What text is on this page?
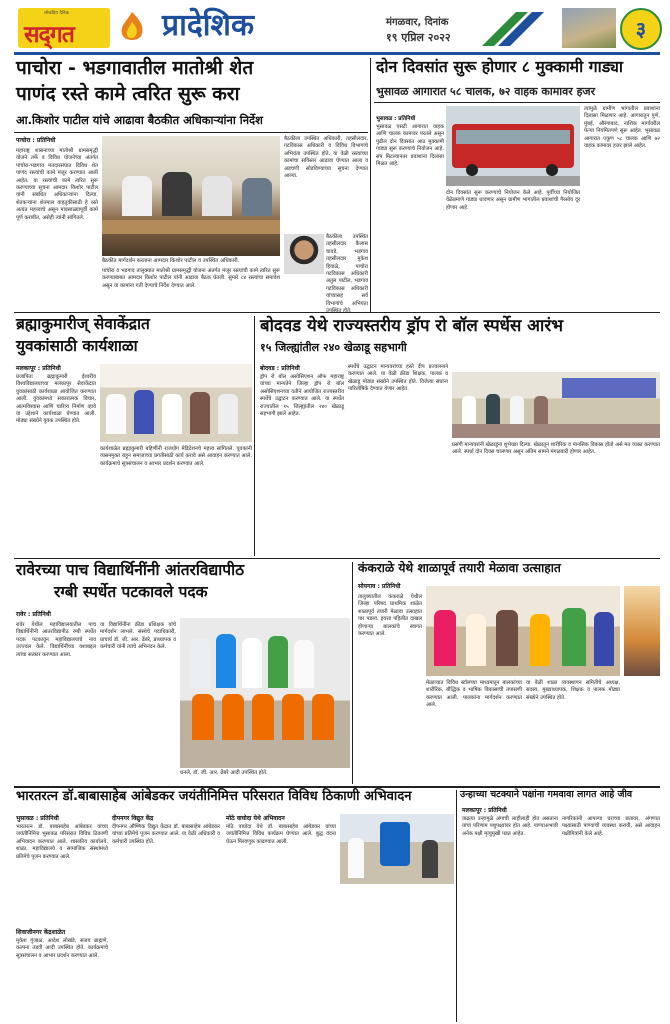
लोकप्रिय दैनिक
सद्‌गत	प्रादेशिक	मंगळवार, दिनांक
१९ एप्रिल २०२२	३
पाचोरा - भडगावातील मातोश्री शेत
पाणंद रस्ते कामे त्वरित सुरू करा
आ.किशोर पाटील यांचे आढावा बैठकीत अधिकाऱ्यांना निर्देश
पाचोरा : प्रतिनिधी
महाराष्ट्र शासनाच्या मातोश्री ग्रामसमृद्धी योजने तर्फे व विविध योजनेच्या अंतर्गत पाचोरा-भडगाव मतदारसंघात विविध शेत पाणंद रस्त्यांची कामे मंजूर करण्यात आली आहेत. या रस्त्यांची कामे त्वरित सुरू करण्याच्या सूचना आमदार किशोर पाटील यांनी संबंधित अधिकाऱ्यांना दिल्या. शेतकऱ्यांना शेतमाल वाहतुकीसाठी हे रस्ते अत्यंत महत्त्वाचे असून पावसाळ्यापूर्वी कामे पूर्ण करावीत, असेही त्यांनी सांगितले.
बैठकीत मार्गदर्शन करताना आमदार किशोर पाटील व उपस्थित अधिकारी.
पाचोरा व भडगाव तालुक्यात मातोश्री ग्रामसमृद्धी योजना अंतर्गत मंजूर रस्त्यांची कामे त्वरित सुरू करण्याबाबत आमदार किशोर पाटील यांनी आढावा बैठक घेतली. सुमारे ८४ रस्त्यांचा समावेश असून या कामांना गती देण्याचे निर्देश देण्यात आले.
बैठकीला उपस्थित अधिकारी, तहसीलदार, गटविकास अधिकारी व विविध विभागांचे अभियंता उपस्थित होते. या वेळी रस्त्यांच्या कामांचा सविस्तर आढावा घेण्यात आला व अडचणी सोडविण्याच्या सूचना देण्यात आल्या.
बैठकीला उपस्थित तहसीलदार कैलास चावडे, भडगाव तहसीलदार मुकेश हिवाळे, पाचोरा गटविकास अधिकारी अतुल पाटील, भडगाव गटविकास अधिकारी यांच्यासह सर्व विभागांचे अभियंता
दोन दिवसांत सुरू होणार ८ मुक्कामी गाड्या
भुसावळ आगारात ५८ चालक, ७२ वाहक कामावर हजर
भुसावळ : प्रतिनिधी
भुसावळ एसटी आगारात वाहक आणि चालक कामावर परतले असून पुढील दोन दिवसांत आठ मुक्कामी गाड्या सुरू करण्याचे नियोजन आहे. संप मिटल्यानंतर प्रवाशांना दिलासा मिळत आहे.
दोन दिवसांत सुरू करण्याचे नियोजन केले आहे. पूर्वीच्या नियोजित वेळेप्रमाणे गाड्या धावणार असून ग्रामीण भागातील प्रवाशांची गैरसोय दूर होणार आहे.
त्यामुळे ग्रामीण भागातील प्रवाशांना दिलासा मिळणार आहे. आगारातून पुणे, मुंबई, औरंगाबाद, नाशिक मार्गावरील फेऱ्या नियमितपणे सुरू आहेत. भुसावळ आगारात एकूण ५८ चालक आणि ७२ वाहक कामावर हजर झाले आहेत.
ब्रह्माकुमारीज् सेवाकेंद्रात
युवकांसाठी कार्यशाळा
मलकापूर : प्रतिनिधी
प्रजापिता ब्रह्माकुमारी ईश्वरीय विश्वविद्यालयाच्या मलकापूर सेवाकेंद्रात युवकांसाठी कार्यशाळा आयोजित करण्यात आली. युवकांमध्ये सकारात्मक विचार, आत्मविश्वास आणि चारित्र्य निर्माण व्हावे या उद्देशाने कार्यशाळा घेण्यात आली. मोठ्या संख्येने युवक उपस्थित होते.
कार्यशाळेत ब्रह्माकुमारी बहिणींनी राजयोग मेडिटेशनचे महत्त्व सांगितले. युवकांनी व्यसनमुक्त राहून समाजाच्या प्रगतीसाठी कार्य करावे असे आवाहन करण्यात आले. कार्यक्रमाचे सूत्रसंचालन व आभार प्रदर्शन करण्यात आले.
बोदवड येथे राज्यस्तरीय ड्रॉप रो बॉल स्पर्धेस आरंभ
१५ जिल्ह्यांतील २४० खेळाडू सहभागी
बोदवड : प्रतिनिधी
ड्रॉप रो बॉल असोसिएशन ऑफ महाराष्ट्र यांच्या मान्यतेने जिल्हा ड्रॉप रो बॉल असोसिएशनच्या वतीने आयोजित राज्यस्तरीय स्पर्धेचे उद्घाटन करण्यात आले. या स्पर्धेत राज्यातील १५ जिल्ह्यांतील २४० खेळाडू सहभागी झाले आहेत.
स्पर्धेचे उद्घाटन मान्यवरांच्या हस्ते दीप प्रज्वलनाने करण्यात आले. या वेळी क्रीडा शिक्षक, पालक व खेळाडू मोठ्या संख्येने उपस्थित होते. विजेत्या संघांना पारितोषिके देण्यात येणार आहेत.
प्रसंगी मान्यवरांनी खेळाडूंना शुभेच्छा दिल्या. खेळातून शारीरिक व मानसिक विकास होतो असे मत व्यक्त करण्यात आले. स्पर्धा दोन दिवस चालणार असून अंतिम सामने मंगळवारी होणार आहेत.
रावेरच्या पाच विद्यार्थिनींनी आंतरविद्यापीठ
रग्बी स्पर्धेत पटकावले पदक
रावेर : प्रतिनिधी
रावेर येथील महाविद्यालयातील पाच विद्यार्थिनींनी आंतरविद्यापीठ रग्बी स्पर्धेत पदक पटकावून महाविद्यालयाचे नाव उज्ज्वल केले. विद्यार्थिनींच्या यशाबद्दल त्यांचा सत्कार करण्यात आला.
या विद्यार्थिनींना क्रीडा प्रशिक्षक यांचे मार्गदर्शन लाभले. संस्थेचे पदाधिकारी, प्राचार्य डॉ. जी. आर. ढेंबरे, प्राध्यापक व कर्मचारी यांनी त्यांचे अभिनंदन केले.
धनले, डॉ. जी. आर. ढेंबरे आदी उपस्थित होते.
कंकराळे येथे शाळापूर्व तयारी मेळावा उत्साहात
सोयगाव : प्रतिनिधी
तालुक्यातील कंकराळे येथील जिल्हा परिषद प्राथमिक शाळेत शाळापूर्व तयारी मेळावा उत्साहात पार पडला. इयत्ता पहिलीत दाखल होणाऱ्या बालकांचे स्वागत करण्यात आले.
मेळाव्यात विविध स्टॉलच्या माध्यमातून बालकांच्या शारीरिक, बौद्धिक व भाषिक विकासाची तपासणी करण्यात आली. पालकांना मार्गदर्शन करण्यात आले.
या वेळी शाळा व्यवस्थापन समितीचे अध्यक्ष, सदस्य, मुख्याध्यापक, शिक्षक व पालक मोठ्या संख्येने उपस्थित होते.
भारतरत्न डॉ.बाबासाहेब आंबेडकर जयंतीनिमित्त परिसरात विविध ठिकाणी अभिवादन
भुसावळ : प्रतिनिधी
भारतरत्न डॉ. बाबासाहेब आंबेडकर यांच्या जयंतीनिमित्त भुसावळ परिसरात विविध ठिकाणी अभिवादन करण्यात आले. शासकीय कार्यालये, शाळा, महाविद्यालये व सामाजिक संस्थांमध्ये प्रतिमेचे पूजन करण्यात आले.
शिवाजीनगर केंद्रशाळेत
मुकेश गुंजाळ, आदेश लोखंडे, संजय ब्राह्मणे, कल्पना तडवी आदी उपस्थित होते. कार्यक्रमाचे सूत्रसंचालन व आभार प्रदर्शन करण्यात आले.
दीपनगर विद्युत केंद्र
दीपनगर औष्णिक विद्युत केंद्रात डॉ. बाबासाहेब आंबेडकर यांच्या प्रतिमेचे पूजन करण्यात आले. या वेळी अधिकारी व कर्मचारी उपस्थित होते.
मोठे वाघोदा येथे अभिवादन
मोठे वाघोदा येथे डॉ. बाबासाहेब आंबेडकर यांच्या जयंतीनिमित्त विविध कार्यक्रम घेण्यात आले. बुद्ध वंदना घेऊन मिरवणूक काढण्यात आली.
उन्हाच्या चटक्याने पक्षांना गमवावा लागत आहे जीव
मलकापूर : प्रतिनिधी
वाढत्या उन्हामुळे अंगाची लाहीलाही होत असताना याचा परिणाम पशुपक्ष्यांवर होत आहे. पाण्याअभावी अनेक पक्षी मृत्युमुखी पडत आहेत.
नागरिकांनी आपल्या घराच्या छतावर, अंगणात पक्ष्यांसाठी पाण्याची व्यवस्था करावी, असे आवाहन पक्षीमित्रांनी केले आहे.
